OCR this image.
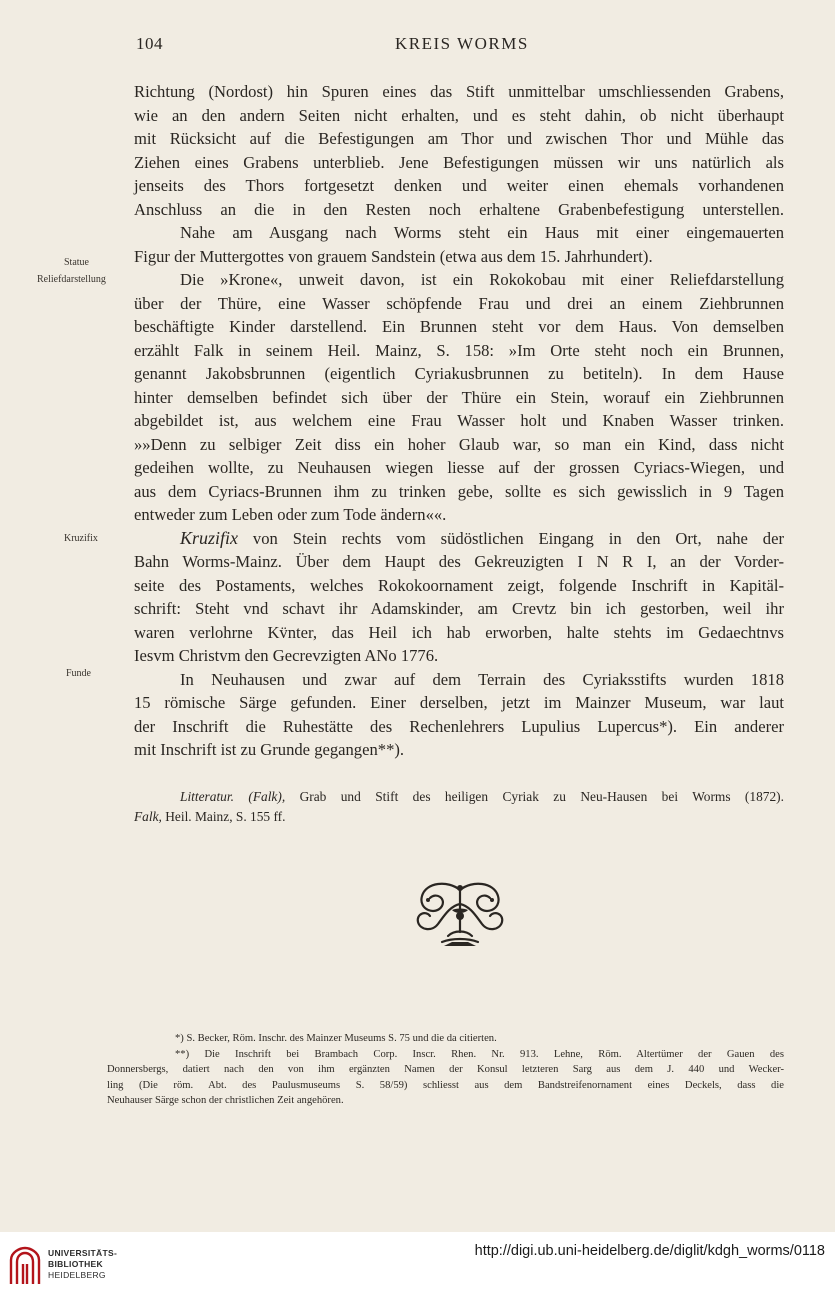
104	KREIS WORMS
Statue
Reliefdarstellung
Kruzifix
Funde

Richtung (Nordost) hin Spuren eines das Stift unmittelbar umschliessenden Grabens,
wie an den andern Seiten nicht erhalten, und es steht dahin, ob nicht überhaupt
mit Rücksicht auf die Befestigungen am Thor und zwischen Thor und Mühle das
Ziehen eines Grabens unterblieb. Jene Befestigungen müssen wir uns natürlich als
jenseits des Thors fortgesetzt denken und weiter einen ehemals vorhandenen
Anschluss an die in den Resten noch erhaltene Grabenbefestigung unterstellen.

Nahe am Ausgang nach Worms steht ein Haus mit einer eingemauerten
Figur der Muttergottes von grauem Sandstein (etwa aus dem 15. Jahrhundert).

Die »Krone«, unweit davon, ist ein Rokokobau mit einer Reliefdarstellung
über der Thüre, eine Wasser schöpfende Frau und drei an einem Ziehbrunnen
beschäftigte Kinder darstellend. Ein Brunnen steht vor dem Haus. Von demselben
erzählt Falk in seinem Heil. Mainz, S. 158: »Im Orte steht noch ein Brunnen,
genannt Jakobsbrunnen (eigentlich Cyriakusbrunnen zu betiteln). In dem Hause
hinter demselben befindet sich über der Thüre ein Stein, worauf ein Ziehbrunnen
abgebildet ist, aus welchem eine Frau Wasser holt und Knaben Wasser trinken.
»»Denn zu selbiger Zeit diss ein hoher Glaub war, so man ein Kind, dass nicht
gedeihen wollte, zu Neuhausen wiegen liesse auf der grossen Cyriacs-Wiegen, und
aus dem Cyriacs-Brunnen ihm zu trinken gebe, sollte es sich gewisslich in 9 Tagen
entweder zum Leben oder zum Tode ändern««.

Kruzifix von Stein rechts vom südöstlichen Eingang in den Ort, nahe der
Bahn Worms-Mainz. Über dem Haupt des Gekreuzigten I N R I, an der Vorder-
seite des Postaments, welches Rokokoornament zeigt, folgende Inschrift in Kapitäl-
schrift: Steht vnd schavt ihr Adamskinder, am Crevtz bin ich gestorben, weil ihr
waren verlohrne Kv̈nter, das Heil ich hab erworben, halte stehts im Gedaechtnvs
Iesvm Christvm den Gecrevzigten ANo 1776.

In Neuhausen und zwar auf dem Terrain des Cyriaksstifts wurden 1818
15 römische Särge gefunden. Einer derselben, jetzt im Mainzer Museum, war laut
der Inschrift die Ruhestätte des Rechenlehrers Lupulius Lupercus*). Ein anderer
mit Inschrift ist zu Grunde gegangen**).

Litteratur. (Falk), Grab und Stift des heiligen Cyriak zu Neu-Hausen bei Worms (1872).
Falk, Heil. Mainz, S. 155 ff.
*) S. Becker, Röm. Inschr. des Mainzer Museums S. 75 und die da citierten.
**) Die Inschrift bei Brambach Corp. Inscr. Rhen. Nr. 913. Lehne, Röm. Altertümer der Gauen des
Donnersbergs, datiert nach den von ihm ergänzten Namen der Konsul letzteren Sarg aus dem J. 440 und Wecker-
ling (Die röm. Abt. des Paulusmuseums S. 58/59) schliesst aus dem Bandstreifenornament eines Deckels, dass die
Neuhauser Särge schon der christlichen Zeit angehören.
UNIVERSITÄTS-
BIBLIOTHEK
HEIDELBERG
http://digi.ub.uni-heidelberg.de/diglit/kdgh_worms/0118
